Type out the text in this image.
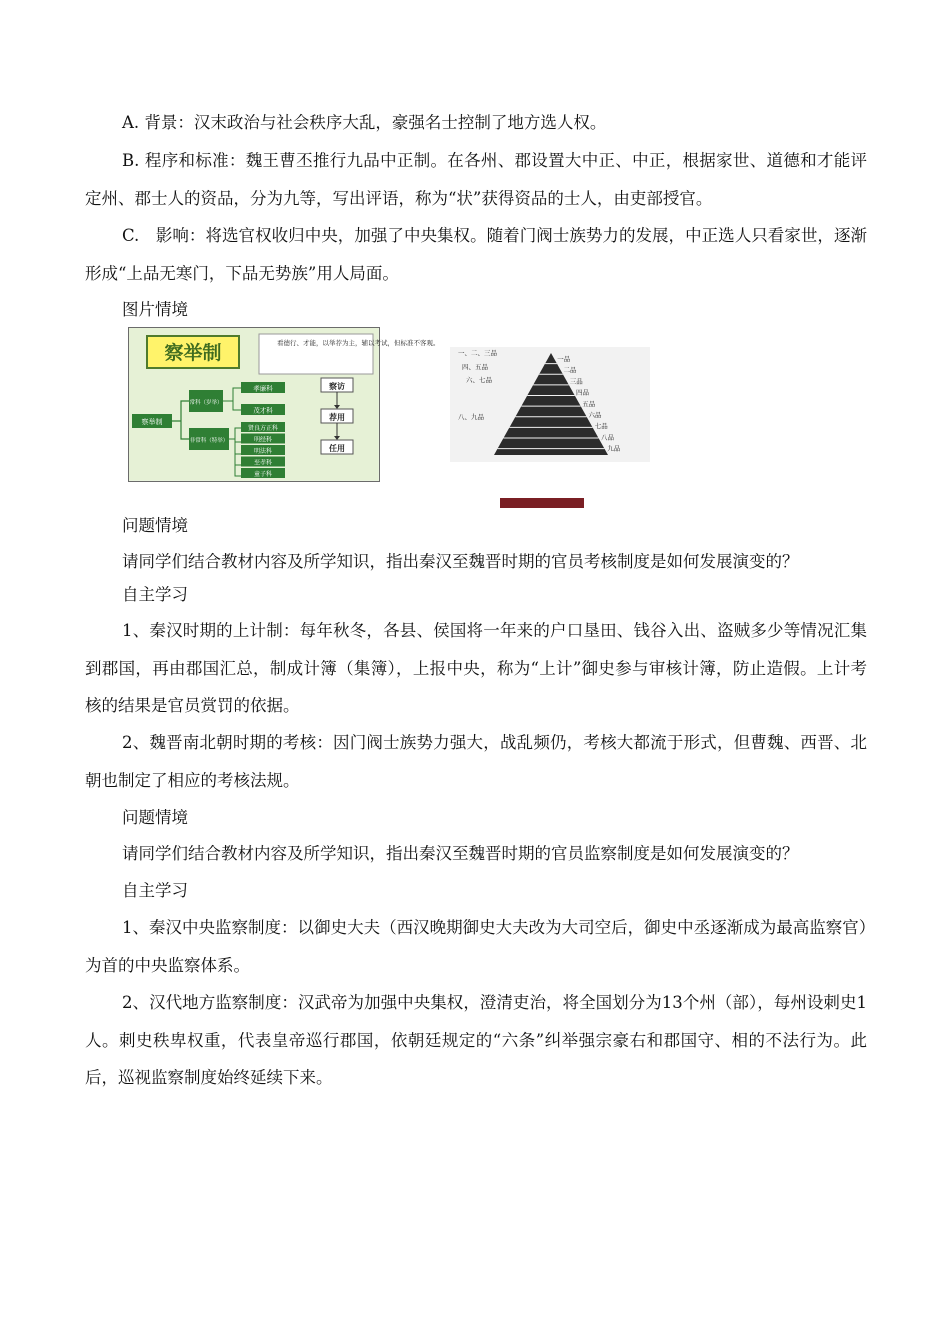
A. 背景：汉末政治与社会秩序大乱，豪强名士控制了地方选人权。

B. 程序和标准：魏王曹丕推行九品中正制。在各州、郡设置大中正、中正，根据家世、道德和才能评定州、郡士人的资品，分为九等，写出评语，称为“状”获得资品的士人，由吏部授官。

C.　影响：将选官权收归中央，加强了中央集权。随着门阀士族势力的发展，中正选人只看家世，逐渐形成“上品无寒门，下品无势族”用人局面。

图片情境

察举制	看德行、才能，以举荐为主，辅以考试，但标准不客观。
察举制
常科（岁举）
非常科（特举）
孝廉科
茂才科
贤良方正科
明经科
明法科
至孝科
童子科
察访
荐用
任用
一、二、三品
四、五品
六、七品
八、九品
一品
二品
三品
四品
五品
六品
七品
八品
九品

问题情境

请同学们结合教材内容及所学知识，指出秦汉至魏晋时期的官员考核制度是如何发展演变的？

自主学习

1、秦汉时期的上计制：每年秋冬，各县、侯国将一年来的户口垦田、钱谷入出、盗贼多少等情况汇集到郡国，再由郡国汇总，制成计簿（集簿），上报中央，称为“上计”御史参与审核计簿，防止造假。上计考核的结果是官员赏罚的依据。

2、魏晋南北朝时期的考核：因门阀士族势力强大，战乱频仍，考核大都流于形式，但曹魏、西晋、北朝也制定了相应的考核法规。

问题情境

请同学们结合教材内容及所学知识，指出秦汉至魏晋时期的官员监察制度是如何发展演变的？

自主学习

1、秦汉中央监察制度：以御史大夫（西汉晚期御史大夫改为大司空后，御史中丞逐渐成为最高监察官）为首的中央监察体系。

2、汉代地方监察制度：汉武帝为加强中央集权，澄清吏治，将全国划分为13个州（部），每州设刺史1人。刺史秩卑权重，代表皇帝巡行郡国，依朝廷规定的“六条”纠举强宗豪右和郡国守、相的不法行为。此后，巡视监察制度始终延续下来。
